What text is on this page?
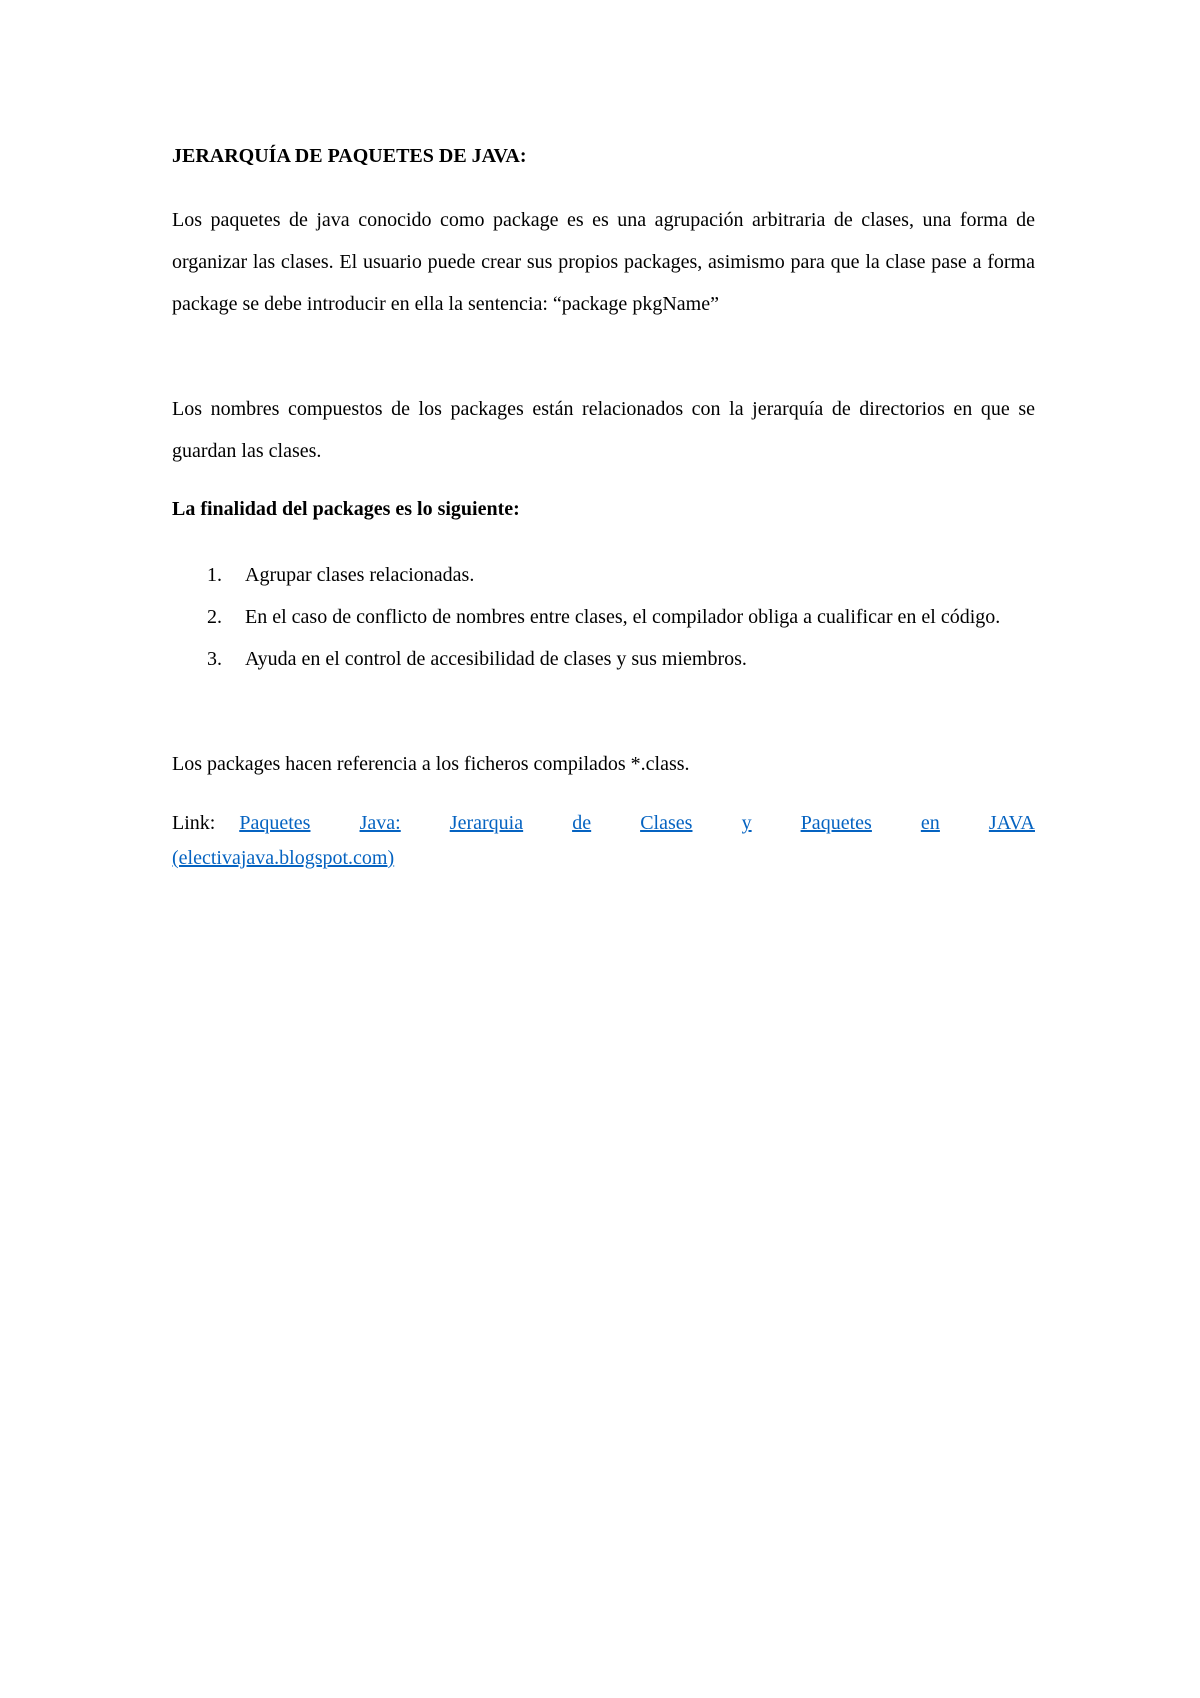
JERARQUÍA DE PAQUETES DE JAVA:

Los paquetes de java conocido como package es es una agrupación arbitraria de clases, una forma de organizar las clases. El usuario puede crear sus propios packages, asimismo para que la clase pase a forma package se debe introducir en ella la sentencia: “package pkgName”

Los nombres compuestos de los packages están relacionados con la jerarquía de directorios en que se guardan las clases.

La finalidad del packages es lo siguiente:
1. Agrupar clases relacionadas.
2. En el caso de conflicto de nombres entre clases, el compilador obliga a cualificar en el código.
3. Ayuda en el control de accesibilidad de clases y sus miembros.

Los packages hacen referencia a los ficheros compilados *.class.

Link: Paquetes Java: Jerarquia de Clases y Paquetes en JAVA
(electivajava.blogspot.com)
